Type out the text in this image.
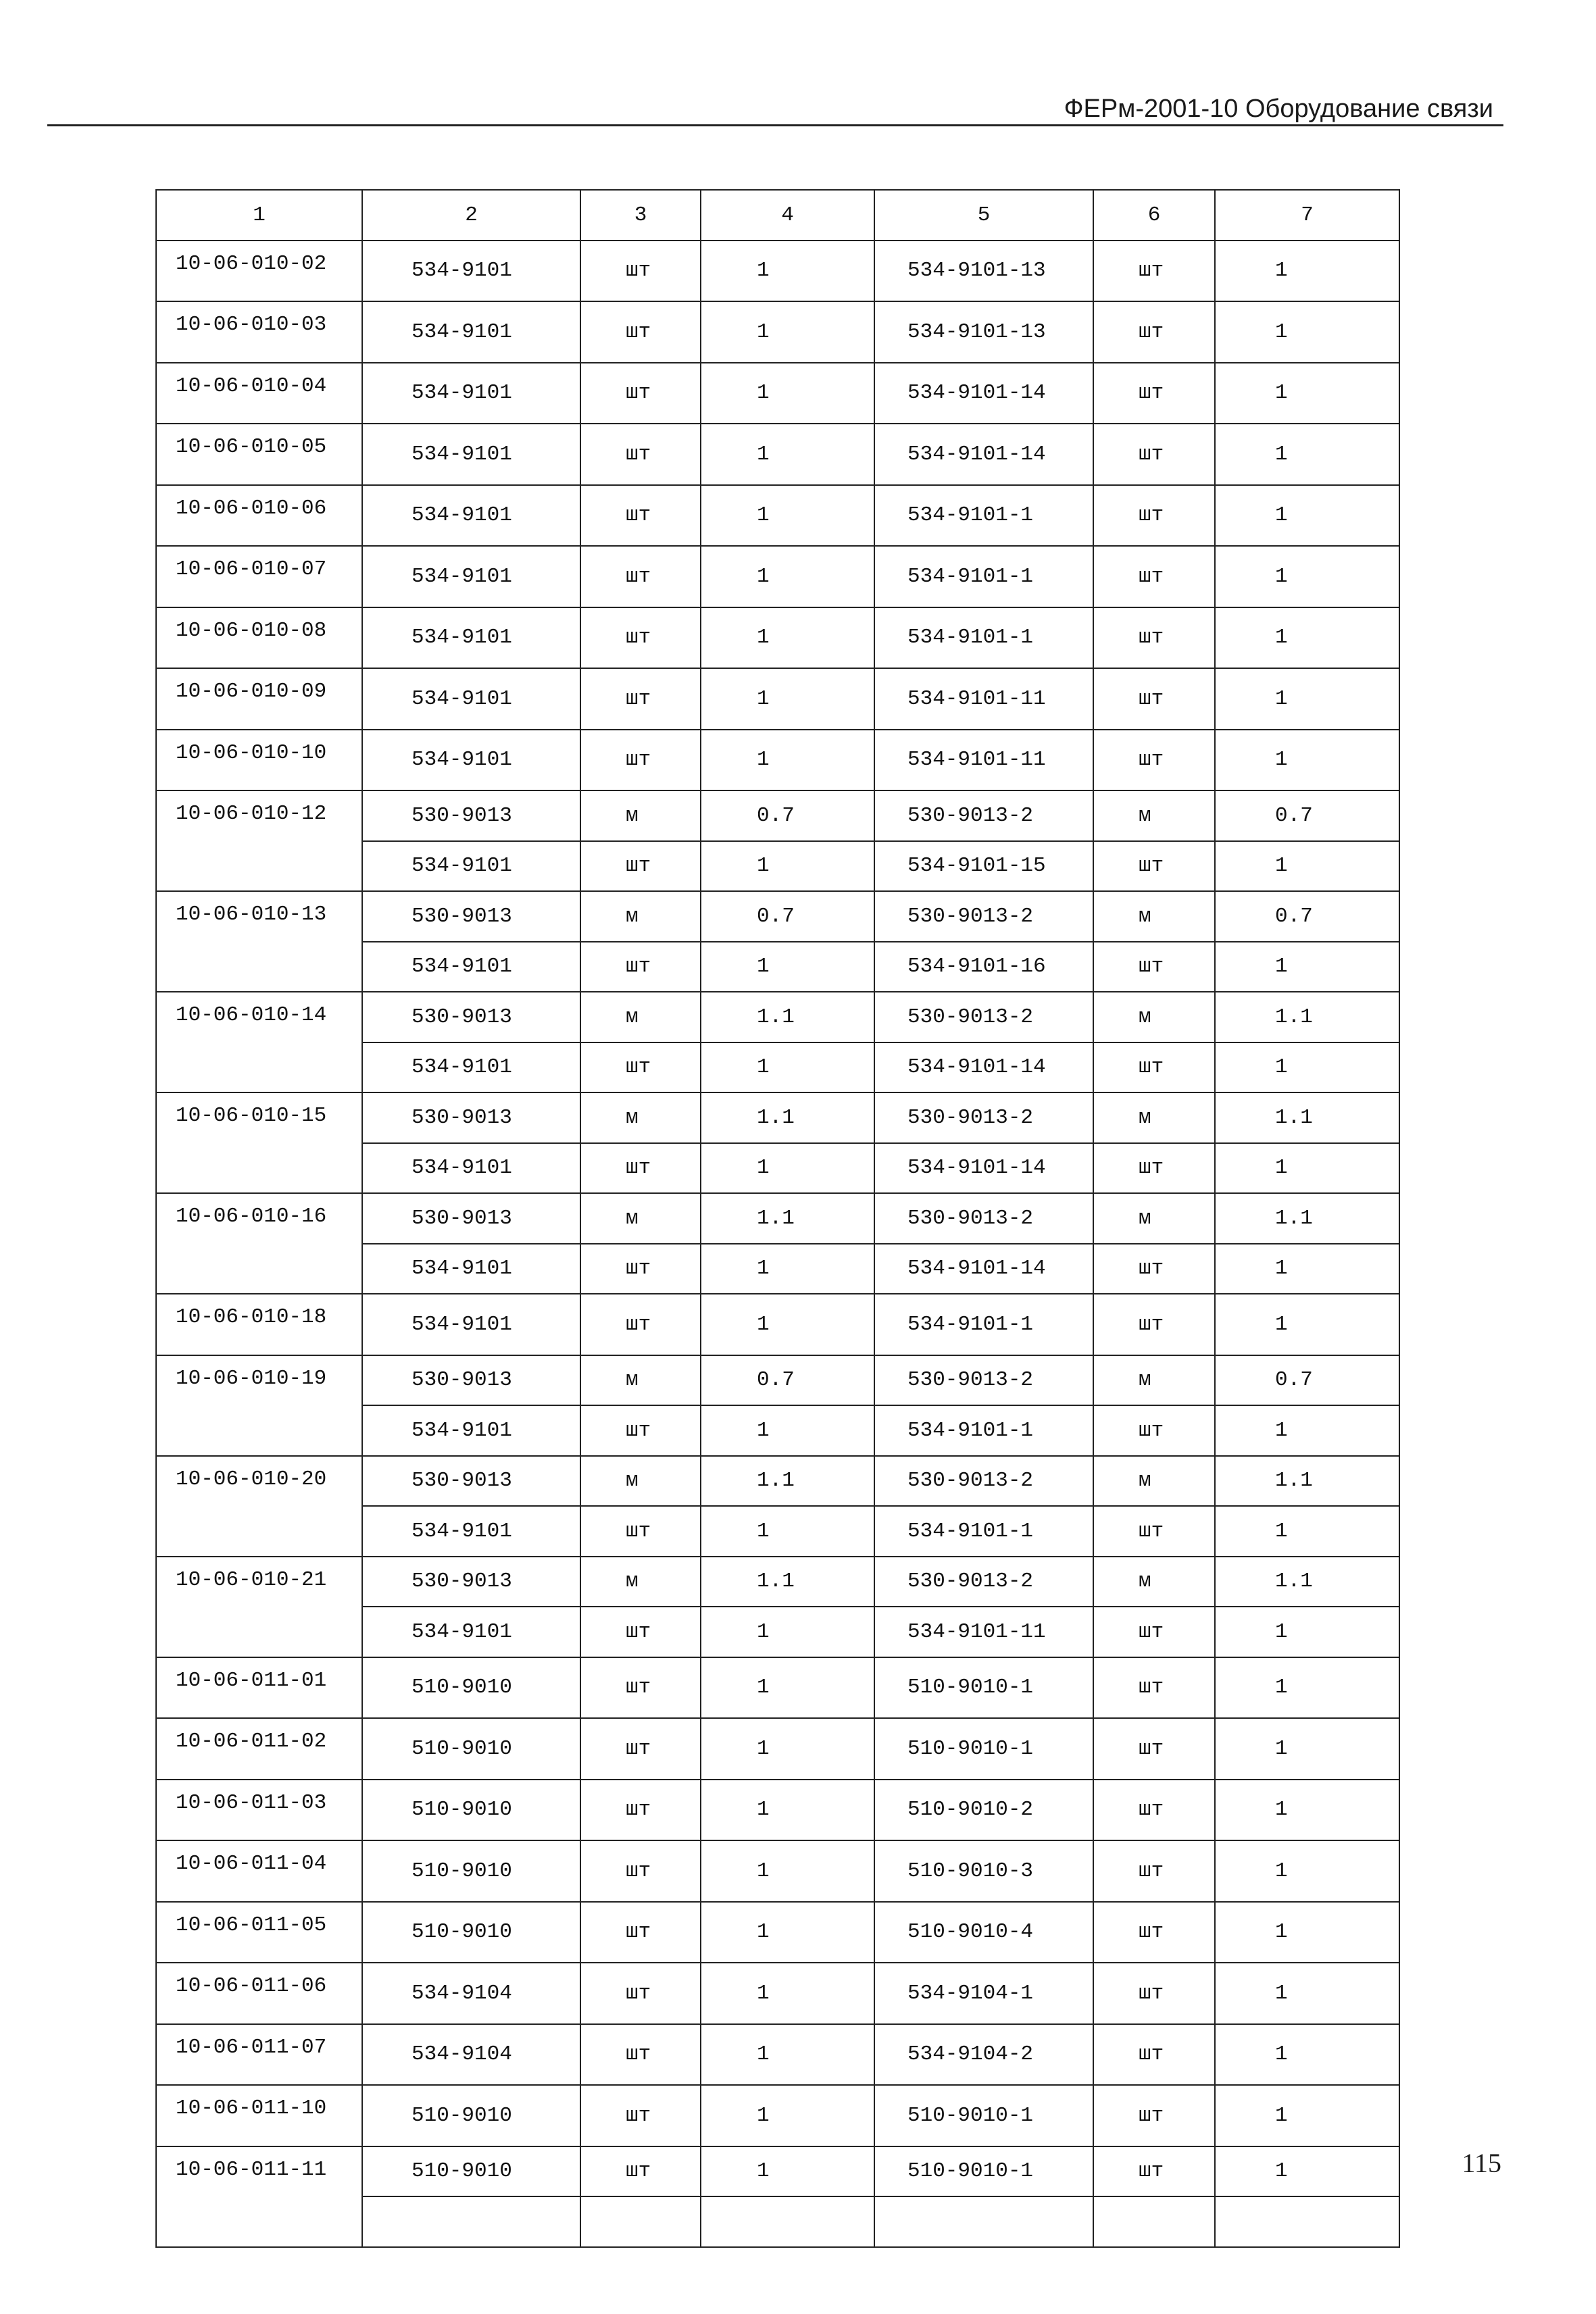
ФЕРм-2001-10 Оборудование связи
1	2	3	4	5	6	7
10-06-010-02	534-9101	шт	1	534-9101-13	шт	1
10-06-010-03	534-9101	шт	1	534-9101-13	шт	1
10-06-010-04	534-9101	шт	1	534-9101-14	шт	1
10-06-010-05	534-9101	шт	1	534-9101-14	шт	1
10-06-010-06	534-9101	шт	1	534-9101-1	шт	1
10-06-010-07	534-9101	шт	1	534-9101-1	шт	1
10-06-010-08	534-9101	шт	1	534-9101-1	шт	1
10-06-010-09	534-9101	шт	1	534-9101-11	шт	1
10-06-010-10	534-9101	шт	1	534-9101-11	шт	1
10-06-010-12	530-9013	м	0.7	530-9013-2	м	0.7
	534-9101	шт	1	534-9101-15	шт	1
10-06-010-13	530-9013	м	0.7	530-9013-2	м	0.7
	534-9101	шт	1	534-9101-16	шт	1
10-06-010-14	530-9013	м	1.1	530-9013-2	м	1.1
	534-9101	шт	1	534-9101-14	шт	1
10-06-010-15	530-9013	м	1.1	530-9013-2	м	1.1
	534-9101	шт	1	534-9101-14	шт	1
10-06-010-16	530-9013	м	1.1	530-9013-2	м	1.1
	534-9101	шт	1	534-9101-14	шт	1
10-06-010-18	534-9101	шт	1	534-9101-1	шт	1
10-06-010-19	530-9013	м	0.7	530-9013-2	м	0.7
	534-9101	шт	1	534-9101-1	шт	1
10-06-010-20	530-9013	м	1.1	530-9013-2	м	1.1
	534-9101	шт	1	534-9101-1	шт	1
10-06-010-21	530-9013	м	1.1	530-9013-2	м	1.1
	534-9101	шт	1	534-9101-11	шт	1
10-06-011-01	510-9010	шт	1	510-9010-1	шт	1
10-06-011-02	510-9010	шт	1	510-9010-1	шт	1
10-06-011-03	510-9010	шт	1	510-9010-2	шт	1
10-06-011-04	510-9010	шт	1	510-9010-3	шт	1
10-06-011-05	510-9010	шт	1	510-9010-4	шт	1
10-06-011-06	534-9104	шт	1	534-9104-1	шт	1
10-06-011-07	534-9104	шт	1	534-9104-2	шт	1
10-06-011-10	510-9010	шт	1	510-9010-1	шт	1
10-06-011-11	510-9010	шт	1	510-9010-1	шт	1
						115
